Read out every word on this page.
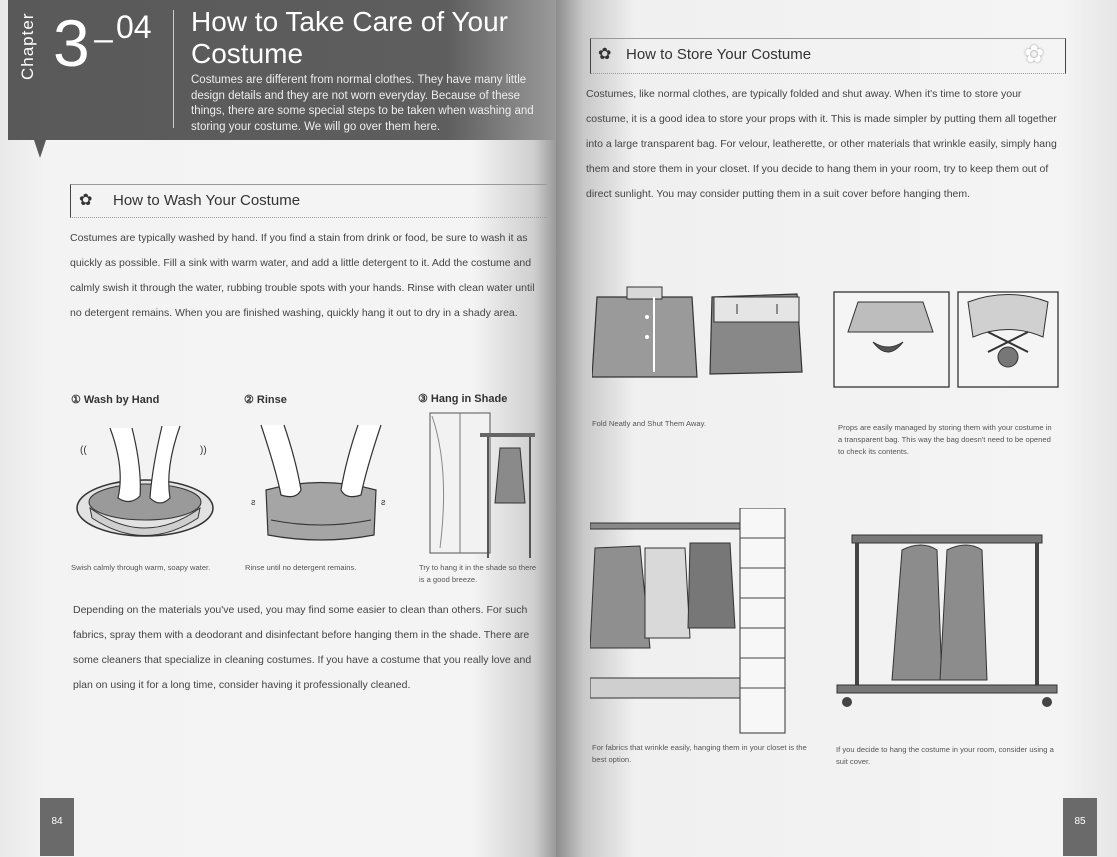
Chapter 3 – 04 How to Take Care of Your Costume
Costumes are different from normal clothes. They have many little design details and they are not worn everyday. Because of these things, there are some special steps to be taken when washing and storing your costume. We will go over them here.
✿ How to Wash Your Costume
Costumes are typically washed by hand. If you find a stain from drink or food, be sure to wash it as quickly as possible. Fill a sink with warm water, and add a little detergent to it. Add the costume and calmly swish it through the water, rubbing trouble spots with your hands. Rinse with clean water until no detergent remains. When you are finished washing, quickly hang it out to dry in a shady area.
① Wash by Hand	② Rinse	③ Hang in Shade
((	))
ƨ	ƨ
Swish calmly through warm, soapy water.	Rinse until no detergent remains.	Try to hang it in the shade so there is a good breeze.
Depending on the materials you've used, you may find some easier to clean than others. For such fabrics, spray them with a deodorant and disinfectant before hanging them in the shade. There are some cleaners that specialize in cleaning costumes. If you have a costume that you really love and plan on using it for a long time, consider having it professionally cleaned.
84
✿ How to Store Your Costume	✿
Costumes, like normal clothes, are typically folded and shut away. When it's time to store your costume, it is a good idea to store your props with it. This is made simpler by putting them all together into a large transparent bag. For velour, leatherette, or other materials that wrinkle easily, simply hang them and store them in your closet. If you decide to hang them in your room, try to keep them out of direct sunlight. You may consider putting them in a suit cover before hanging them.
Fold Neatly and Shut Them Away.	Props are easily managed by storing them with your costume in a transparent bag. This way the bag doesn't need to be opened to check its contents.
For fabrics that wrinkle easily, hanging them in your closet is the best option.
If you decide to hang the costume in your room, consider using a suit cover.
85
